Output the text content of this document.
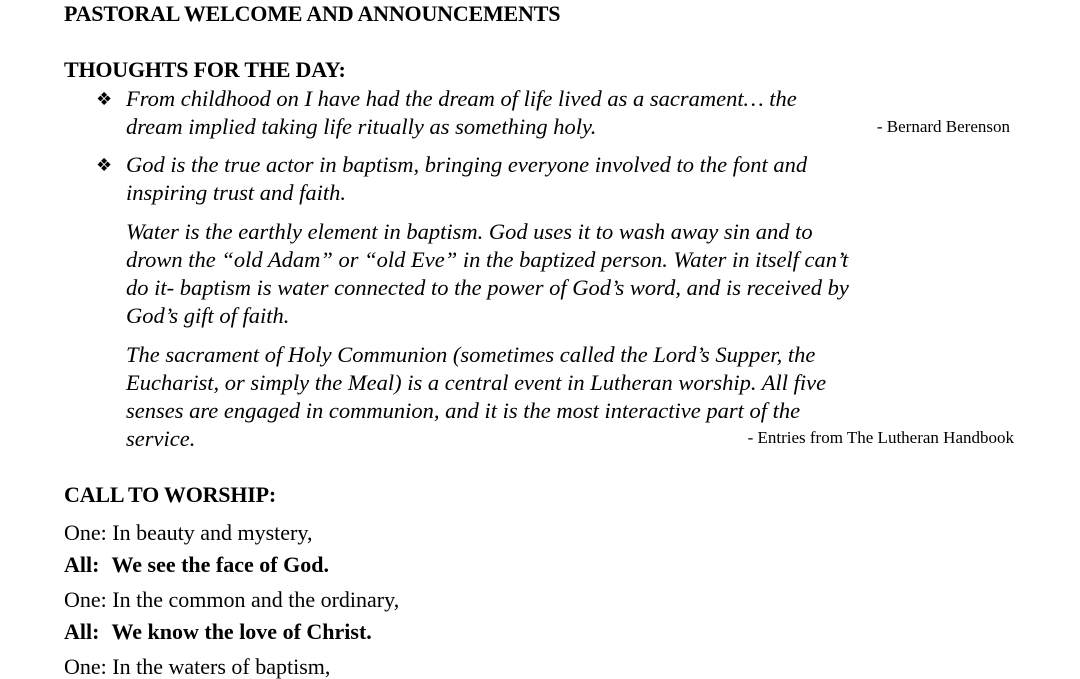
PASTORAL WELCOME AND ANNOUNCEMENTS
THOUGHTS FOR THE DAY:
❖ From childhood on I have had the dream of life lived as a sacrament… the
dream implied taking life ritually as something holy.	- Bernard Berenson
❖ God is the true actor in baptism, bringing everyone involved to the font and
inspiring trust and faith.
Water is the earthly element in baptism. God uses it to wash away sin and to
drown the “old Adam” or “old Eve” in the baptized person. Water in itself can’t
do it- baptism is water connected to the power of God’s word, and is received by
God’s gift of faith.
The sacrament of Holy Communion (sometimes called the Lord’s Supper, the
Eucharist, or simply the Meal) is a central event in Lutheran worship. All five
senses are engaged in communion, and it is the most interactive part of the
service.	- Entries from The Lutheran Handbook
CALL TO WORSHIP:
One: In beauty and mystery,
All: We see the face of God.
One: In the common and the ordinary,
All: We know the love of Christ.
One: In the waters of baptism,
